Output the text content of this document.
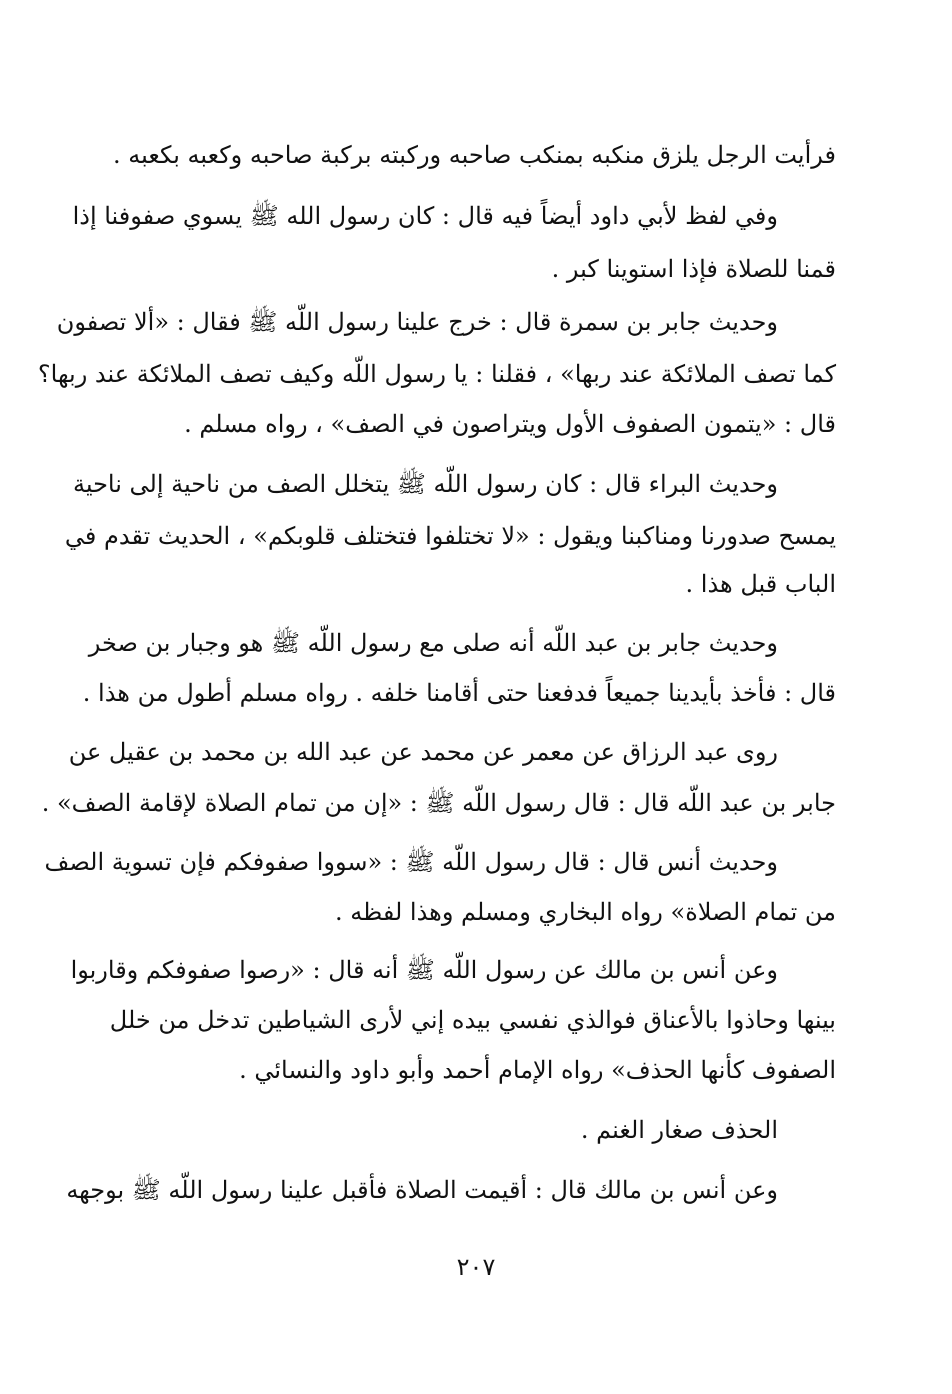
فرأيت الرجل يلزق منكبه بمنكب صاحبه وركبته بركبة صاحبه وكعبه بكعبه .
وفي لفظ لأبي داود أيضاً فيه قال : كان رسول الله ﷺ يسوي صفوفنا إذا
قمنا للصلاة فإذا استوينا كبر .
وحديث جابر بن سمرة قال : خرج علينا رسول اللّه ﷺ فقال : «ألا تصفون
كما تصف الملائكة عند ربها» ، فقلنا : يا رسول اللّه وكيف تصف الملائكة عند ربها؟
قال : «يتمون الصفوف الأول ويتراصون في الصف» ، رواه مسلم .
وحديث البراء قال : كان رسول اللّه ﷺ يتخلل الصف من ناحية إلى ناحية
يمسح صدورنا ومناكبنا ويقول : «لا تختلفوا فتختلف قلوبكم» ، الحديث تقدم في
الباب قبل هذا .
وحديث جابر بن عبد اللّه أنه صلى مع رسول اللّه ﷺ هو وجبار بن صخر
قال : فأخذ بأيدينا جميعاً فدفعنا حتى أقامنا خلفه . رواه مسلم أطول من هذا .
روى عبد الرزاق عن معمر عن محمد عن عبد الله بن محمد بن عقيل عن
جابر بن عبد اللّه قال : قال رسول اللّه ﷺ : «إن من تمام الصلاة لإقامة الصف» .
وحديث أنس قال : قال رسول اللّه ﷺ : «سووا صفوفكم فإن تسوية الصف
من تمام الصلاة» رواه البخاري ومسلم وهذا لفظه .
وعن أنس بن مالك عن رسول اللّه ﷺ أنه قال : «رصوا صفوفكم وقاربوا
بينها وحاذوا بالأعناق فوالذي نفسي بيده إني لأرى الشياطين تدخل من خلل
الصفوف كأنها الحذف» رواه الإمام أحمد وأبو داود والنسائي .
الحذف صغار الغنم .
وعن أنس بن مالك قال : أقيمت الصلاة فأقبل علينا رسول اللّه ﷺ بوجهه
٢٠٧
